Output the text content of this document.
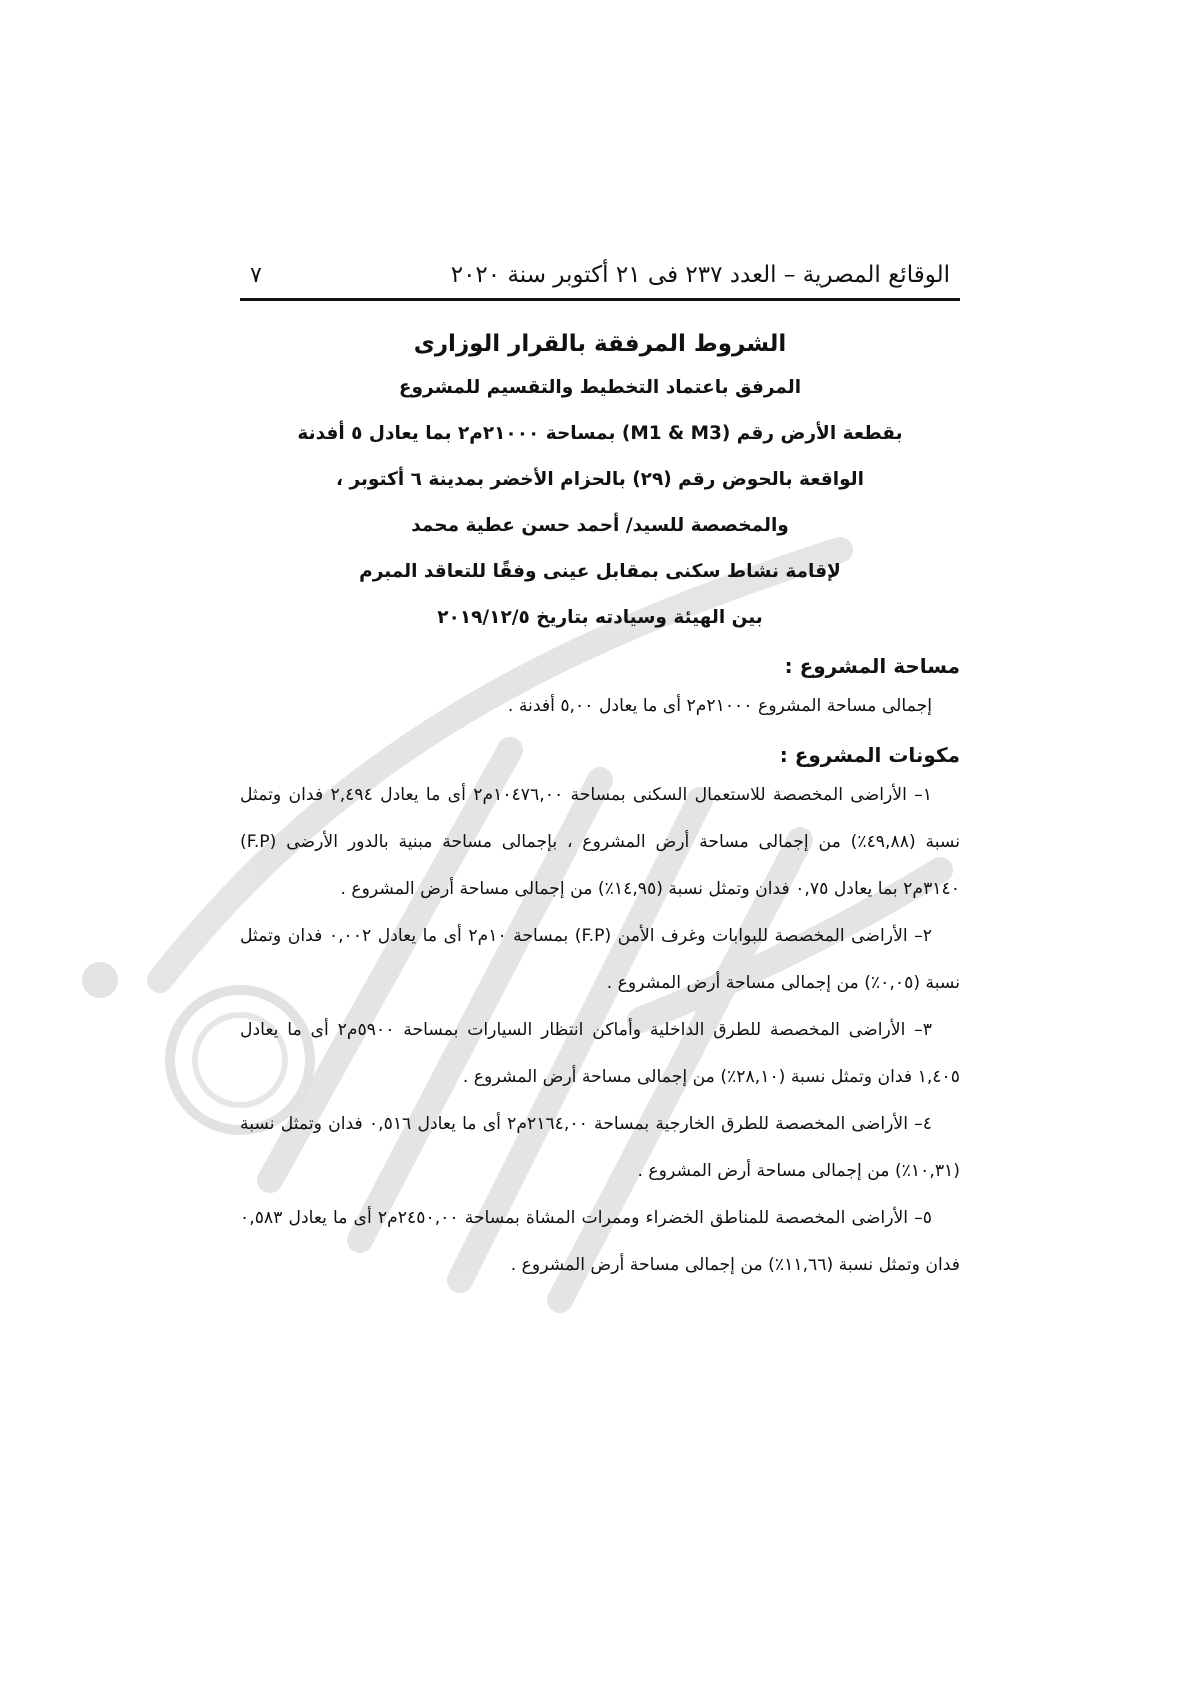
الوقائع المصرية – العدد ٢٣٧ فى ٢١ أكتوبر سنة ٢٠٢٠
٧
الشروط المرفقة بالقرار الوزارى
المرفق باعتماد التخطيط والتقسيم للمشروع
بقطعة الأرض رقم (M1 & M3) بمساحة ٢١٠٠٠م٢ بما يعادل ٥ أفدنة
الواقعة بالحوض رقم (٢٩) بالحزام الأخضر بمدينة ٦ أكتوبر ،
والمخصصة للسيد/ أحمد حسن عطية محمد
لإقامة نشاط سكنى بمقابل عينى وفقًا للتعاقد المبرم
بين الهيئة وسيادته بتاريخ ٢٠١٩/١٢/٥
مساحة المشروع :
إجمالى مساحة المشروع ٢١٠٠٠م٢ أى ما يعادل ٥,٠٠ أفدنة .
مكونات المشروع :
١– الأراضى المخصصة للاستعمال السكنى بمساحة ١٠٤٧٦,٠٠م٢ أى ما يعادل ٢,٤٩٤ فدان وتمثل نسبة (٤٩,٨٨٪) من إجمالى مساحة أرض المشروع ، بإجمالى مساحة مبنية بالدور الأرضى (F.P) ٣١٤٠م٢ بما يعادل ٠,٧٥ فدان وتمثل نسبة (١٤,٩٥٪) من إجمالى مساحة أرض المشروع .
٢– الأراضى المخصصة للبوابات وغرف الأمن (F.P) بمساحة ١٠م٢ أى ما يعادل ٠,٠٠٢ فدان وتمثل نسبة (٠,٠٥٪) من إجمالى مساحة أرض المشروع .
٣– الأراضى المخصصة للطرق الداخلية وأماكن انتظار السيارات بمساحة ٥٩٠٠م٢ أى ما يعادل ١,٤٠٥ فدان وتمثل نسبة (٢٨,١٠٪) من إجمالى مساحة أرض المشروع .
٤– الأراضى المخصصة للطرق الخارجية بمساحة ٢١٦٤,٠٠م٢ أى ما يعادل ٠,٥١٦ فدان وتمثل نسبة (١٠,٣١٪) من إجمالى مساحة أرض المشروع .
٥– الأراضى المخصصة للمناطق الخضراء وممرات المشاة بمساحة ٢٤٥٠,٠٠م٢ أى ما يعادل ٠,٥٨٣ فدان وتمثل نسبة (١١,٦٦٪) من إجمالى مساحة أرض المشروع .
